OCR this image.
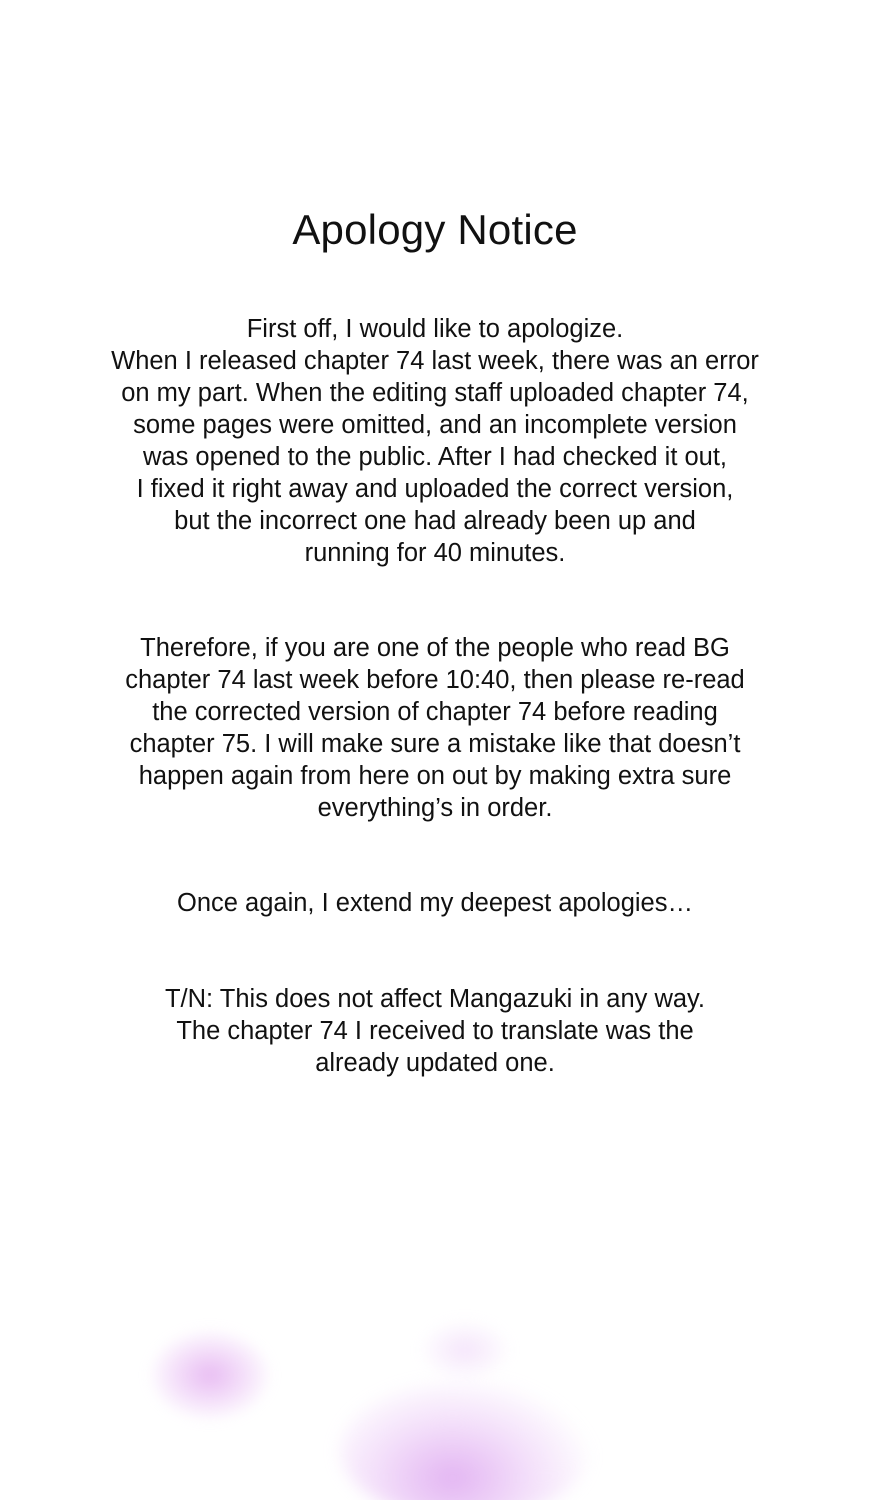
Apology Notice

First off, I would like to apologize.
When I released chapter 74 last week, there was an error
on my part. When the editing staff uploaded chapter 74,
some pages were omitted, and an incomplete version
was opened to the public. After I had checked it out,
I fixed it right away and uploaded the correct version,
but the incorrect one had already been up and
running for 40 minutes.

Therefore, if you are one of the people who read BG
chapter 74 last week before 10:40, then please re-read
the corrected version of chapter 74 before reading
chapter 75. I will make sure a mistake like that doesn’t
happen again from here on out by making extra sure
everything’s in order.

Once again, I extend my deepest apologies…

T/N: This does not affect Mangazuki in any way.
The chapter 74 I received to translate was the
already updated one.
